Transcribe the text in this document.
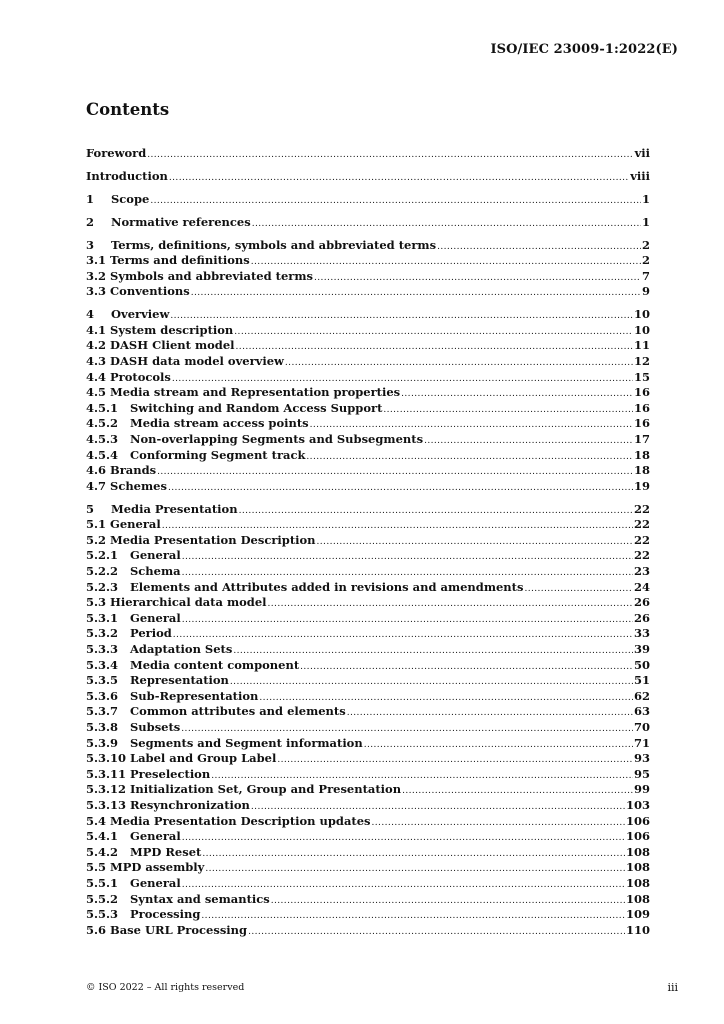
ISO/IEC 23009-1:2022(E)
Contents
Foreword .....	vii
Introduction .....	viii
1	Scope .....	1
2	Normative references .....	1
3	Terms, definitions, symbols and abbreviated terms .....	2
3.1 Terms and definitions .....	2
3.2 Symbols and abbreviated terms .....	7
3.3 Conventions .....	9
4	Overview .....	10
4.1 System description .....	10
4.2 DASH Client model .....	11
4.3 DASH data model overview .....	12
4.4 Protocols .....	15
4.5 Media stream and Representation properties .....	16
4.5.1	Switching and Random Access Support .....	16
4.5.2	Media stream access points .....	16
4.5.3	Non-overlapping Segments and Subsegments .....	17
4.5.4	Conforming Segment track .....	18
4.6 Brands .....	18
4.7 Schemes .....	19
5	Media Presentation .....	22
5.1 General .....	22
5.2 Media Presentation Description .....	22
5.2.1	General .....	22
5.2.2	Schema .....	23
5.2.3	Elements and Attributes added in revisions and amendments .....	24
5.3 Hierarchical data model .....	26
5.3.1	General .....	26
5.3.2	Period .....	33
5.3.3	Adaptation Sets .....	39
5.3.4	Media content component .....	50
5.3.5	Representation .....	51
5.3.6	Sub-Representation .....	62
5.3.7	Common attributes and elements .....	63
5.3.8	Subsets .....	70
5.3.9	Segments and Segment information .....	71
5.3.10 Label and Group Label .....	93
5.3.11 Preselection .....	95
5.3.12 Initialization Set, Group and Presentation .....	99
5.3.13 Resynchronization .....	103
5.4 Media Presentation Description updates .....	106
5.4.1	General .....	106
5.4.2	MPD Reset .....	108
5.5 MPD assembly .....	108
5.5.1	General .....	108
5.5.2	Syntax and semantics .....	108
5.5.3	Processing .....	109
5.6 Base URL Processing .....	110
© ISO 2022 – All rights reserved	iii
